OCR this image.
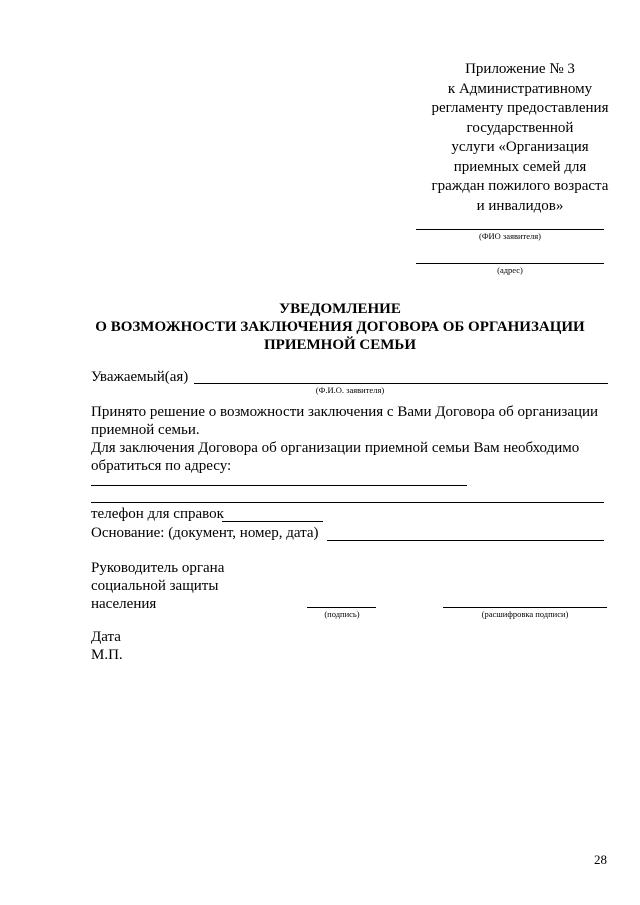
Приложение № 3
к Административному
регламенту предоставления
государственной
услуги «Организация
приемных семей для
граждан пожилого возраста
и инвалидов»
(ФИО заявителя)
(адрес)
УВЕДОМЛЕНИЕ
О ВОЗМОЖНОСТИ ЗАКЛЮЧЕНИЯ ДОГОВОРА ОБ ОРГАНИЗАЦИИ
ПРИЕМНОЙ СЕМЬИ
Уважаемый(ая)
(Ф.И.О. заявителя)
Принято решение о возможности заключения с Вами Договора об организации
приемной семьи.
Для заключения Договора об организации приемной семьи Вам необходимо
обратиться по адресу:
телефон для справок
Основание: (документ, номер, дата)
Руководитель органа
социальной защиты
населения
(подпись)	(расшифровка подписи)
Дата
М.П.
28
